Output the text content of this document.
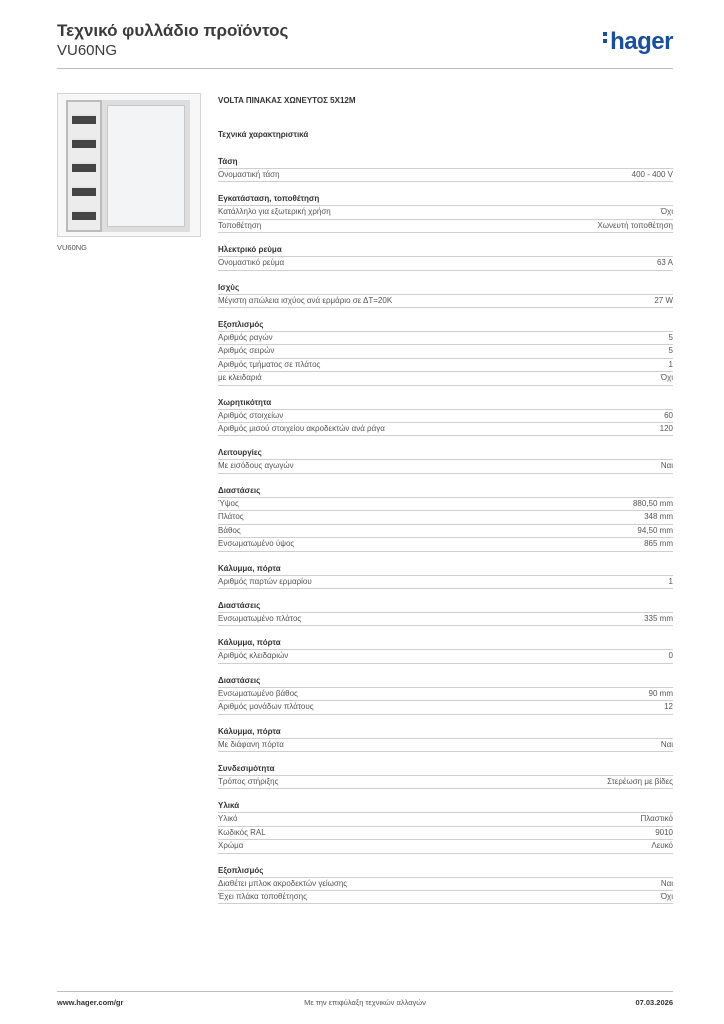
Τεχνικό φυλλάδιο προϊόντος
VU60NG	hager
VU60NG
VOLTA ΠΙΝΑΚΑΣ ΧΩΝΕΥΤΟΣ 5X12M
Τεχνικά χαρακτηριστικά
Τάση
Ονομαστική τάση	400 - 400 V
Εγκατάσταση, τοποθέτηση
Κατάλληλο για εξωτερική χρήση	Όχι
Τοποθέτηση	Χωνευτή τοποθέτηση
Ηλεκτρικό ρεύμα
Ονομαστικό ρεύμα	63 A
Ισχύς
Μέγιστη απώλεια ισχύος ανά ερμάριο σε ΔT=20K	27 W
Εξοπλισμός
Αριθμός ραγών	5
Αριθμός σειρών	5
Αριθμός τμήματος σε πλάτος	1
με κλειδαριά	Όχι
Χωρητικότητα
Αριθμός στοιχείων	60
Αριθμός μισού στοιχείου ακροδεκτών ανά ράγα	120
Λειτουργίες
Με εισόδους αγωγών	Ναι
Διαστάσεις
Ύψος	880,50 mm
Πλάτος	348 mm
Βάθος	94,50 mm
Ενσωματωμένο ύψος	865 mm
Κάλυμμα, πόρτα
Αριθμός παρτών ερμαρίου	1
Διαστάσεις
Ενσωματωμένο πλάτος	335 mm
Κάλυμμα, πόρτα
Αριθμός κλειδαριών	0
Διαστάσεις
Ενσωματωμένο βάθος	90 mm
Αριθμός μονάδων πλάτους	12
Κάλυμμα, πόρτα
Με διάφανη πόρτα	Ναι
Συνδεσιμότητα
Τρόπος στήριξης	Στερέωση με βίδες
Υλικά
Υλικό	Πλαστικό
Κωδικός RAL	9010
Χρώμα	Λευκό
Εξοπλισμός
Διαθέτει μπλοκ ακροδεκτών γείωσης	Ναι
Έχει πλάκα τοποθέτησης	Όχι
www.hager.com/gr	Με την επιφύλαξη τεχνικών αλλαγών	07.03.2026
